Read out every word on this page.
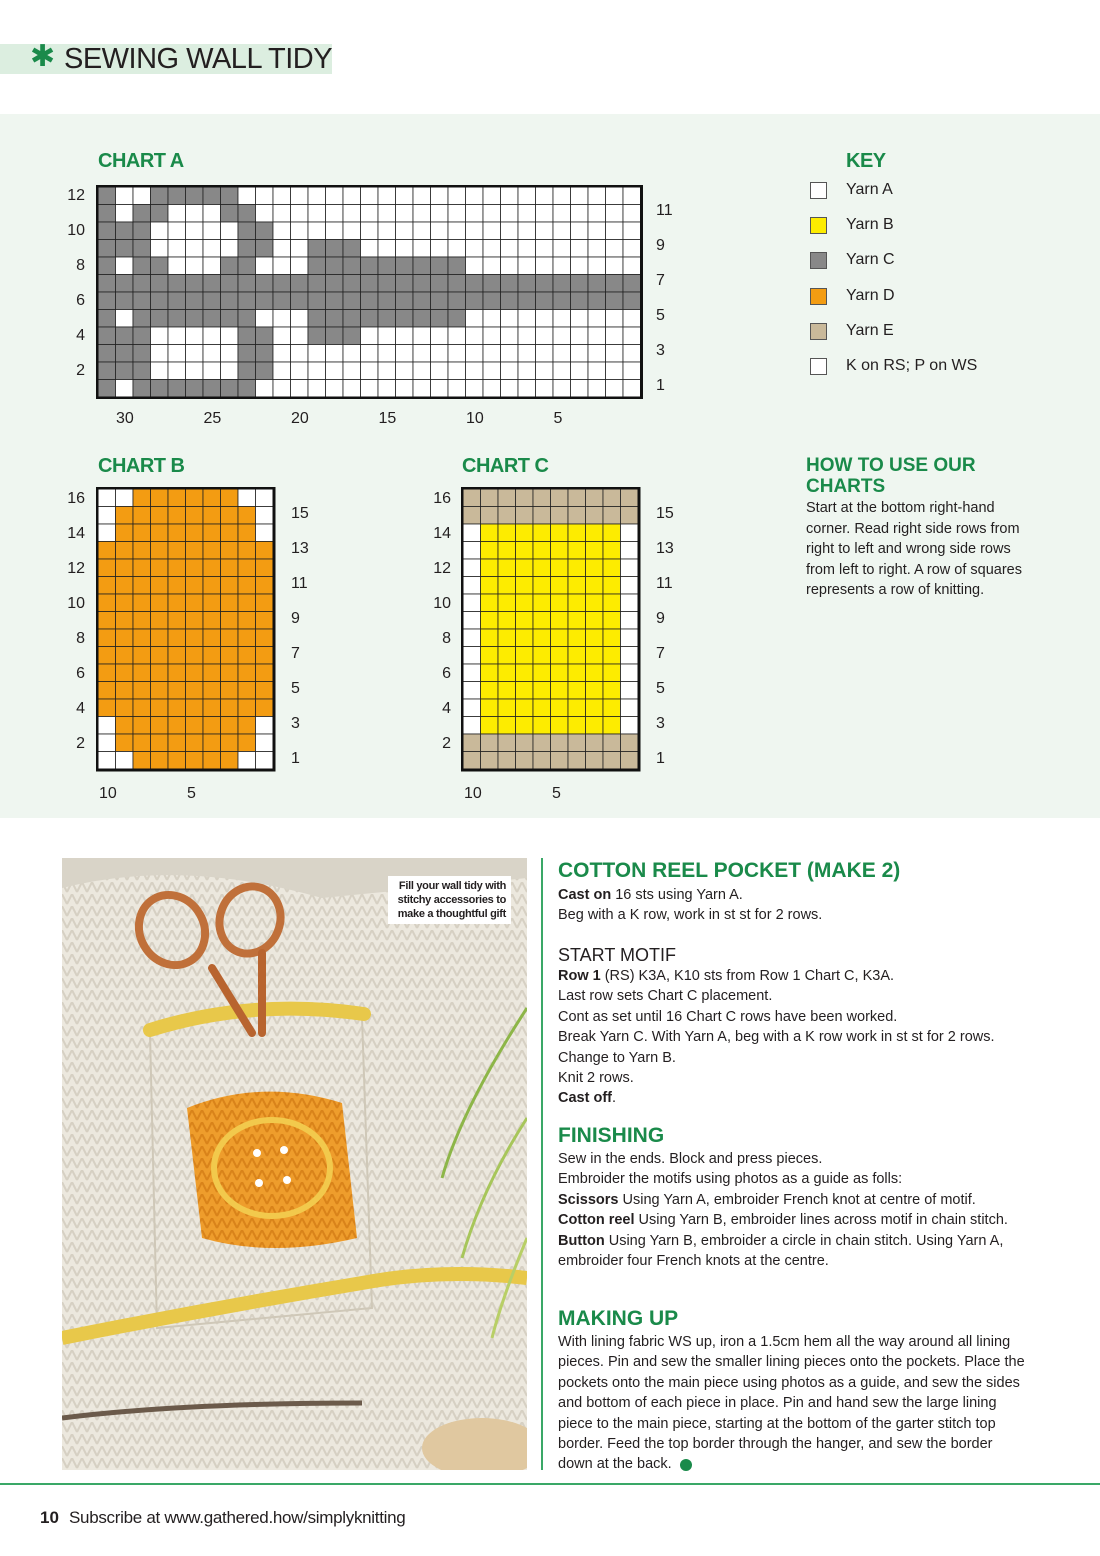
✱ SEWING WALL TIDY
CHART A
12
10
8
6
4
2
11
9
7
5
3
1
30	25	20	15	10	5
CHART B
16
14
12
10
8
6
4
2
15
13
11
9
7
5
3
1
10	5
CHART C
16
14
12
10
8
6
4
2
15
13
11
9
7
5
3
1
10	5
KEY
Yarn A
Yarn B
Yarn C
Yarn D
Yarn E
K on RS; P on WS
HOW TO USE OUR CHARTS
Start at the bottom right-hand corner. Read right side rows from right to left and wrong side rows from left to right. A row of squares represents a row of knitting.
Fill your wall tidy with stitchy accessories to make a thoughtful gift
COTTON REEL POCKET (MAKE 2)
Cast on 16 sts using Yarn A.
Beg with a K row, work in st st for 2 rows.
START MOTIF
Row 1 (RS) K3A, K10 sts from Row 1 Chart C, K3A.
Last row sets Chart C placement.
Cont as set until 16 Chart C rows have been worked.
Break Yarn C. With Yarn A, beg with a K row work in st st for 2 rows.
Change to Yarn B.
Knit 2 rows.
Cast off.
FINISHING
Sew in the ends. Block and press pieces.
Embroider the motifs using photos as a guide as folls:
Scissors Using Yarn A, embroider French knot at centre of motif.
Cotton reel Using Yarn B, embroider lines across motif in chain stitch.
Button Using Yarn B, embroider a circle in chain stitch. Using Yarn A, embroider four French knots at the centre.
MAKING UP
With lining fabric WS up, iron a 1.5cm hem all the way around all lining pieces. Pin and sew the smaller lining pieces onto the pockets. Place the pockets onto the main piece using photos as a guide, and sew the sides and bottom of each piece in place. Pin and hand sew the large lining piece to the main piece, starting at the bottom of the garter stitch top border. Feed the top border through the hanger, and sew the border down at the back.
10 Subscribe at www.gathered.how/simplyknitting
